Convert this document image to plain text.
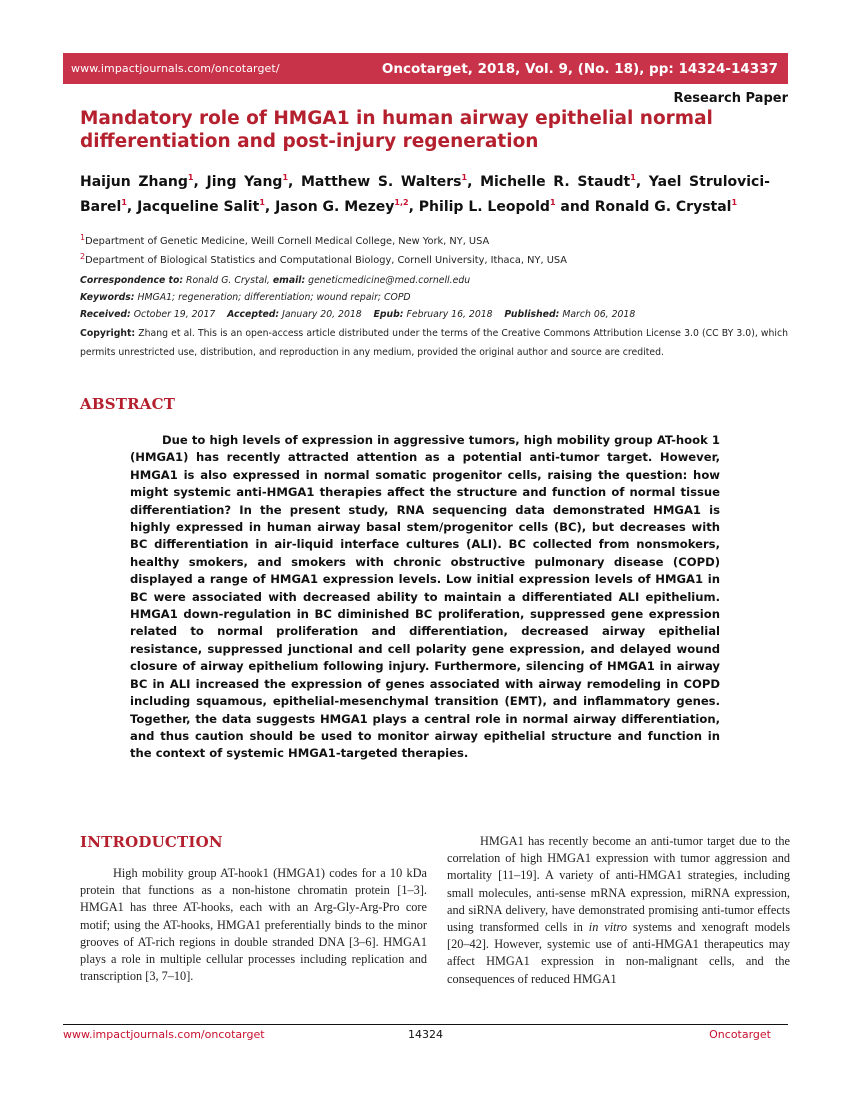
www.impactjournals.com/oncotarget/	Oncotarget, 2018, Vol. 9, (No. 18), pp: 14324-14337
Research Paper
Mandatory role of HMGA1 in human airway epithelial normal differentiation and post-injury regeneration
Haijun Zhang$^1$, Jing Yang$^1$, Matthew S. Walters$^1$, Michelle R. Staudt$^1$, Yael Strulovici-Barel$^1$, Jacqueline Salit$^1$, Jason G. Mezey$^{1,2}$, Philip L. Leopold$^1$ and Ronald G. Crystal$^1$
$^1$Department of Genetic Medicine, Weill Cornell Medical College, New York, NY, USA
$^2$Department of Biological Statistics and Computational Biology, Cornell University, Ithaca, NY, USA
Correspondence to: Ronald G. Crystal, email: geneticmedicine@med.cornell.edu
Keywords: HMGA1; regeneration; differentiation; wound repair; COPD
Received: October 19, 2017 Accepted: January 20, 2018 Epub: February 16, 2018 Published: March 06, 2018
Copyright: Zhang et al. This is an open-access article distributed under the terms of the Creative Commons Attribution License 3.0 (CC BY 3.0), which permits unrestricted use, distribution, and reproduction in any medium, provided the original author and source are credited.
ABSTRACT
Due to high levels of expression in aggressive tumors, high mobility group AT-hook 1 (HMGA1) has recently attracted attention as a potential anti-tumor target. However, HMGA1 is also expressed in normal somatic progenitor cells, raising the question: how might systemic anti-HMGA1 therapies affect the structure and function of normal tissue differentiation? In the present study, RNA sequencing data demonstrated HMGA1 is highly expressed in human airway basal stem/progenitor cells (BC), but decreases with BC differentiation in air-liquid interface cultures (ALI). BC collected from nonsmokers, healthy smokers, and smokers with chronic obstructive pulmonary disease (COPD) displayed a range of HMGA1 expression levels. Low initial expression levels of HMGA1 in BC were associated with decreased ability to maintain a differentiated ALI epithelium. HMGA1 down-regulation in BC diminished BC proliferation, suppressed gene expression related to normal proliferation and differentiation, decreased airway epithelial resistance, suppressed junctional and cell polarity gene expression, and delayed wound closure of airway epithelium following injury. Furthermore, silencing of HMGA1 in airway BC in ALI increased the expression of genes associated with airway remodeling in COPD including squamous, epithelial-mesenchymal transition (EMT), and inflammatory genes. Together, the data suggests HMGA1 plays a central role in normal airway differentiation, and thus caution should be used to monitor airway epithelial structure and function in the context of systemic HMGA1-targeted therapies.
INTRODUCTION
High mobility group AT-hook1 (HMGA1) codes for a 10 kDa protein that functions as a non-histone chromatin protein [1–3]. HMGA1 has three AT-hooks, each with an Arg-Gly-Arg-Pro core motif; using the AT-hooks, HMGA1 preferentially binds to the minor grooves of AT-rich regions in double stranded DNA [3–6]. HMGA1 plays a role in multiple cellular processes including replication and transcription [3, 7–10].
HMGA1 has recently become an anti-tumor target due to the correlation of high HMGA1 expression with tumor aggression and mortality [11–19]. A variety of anti-HMGA1 strategies, including small molecules, anti-sense mRNA expression, miRNA expression, and siRNA delivery, have demonstrated promising anti-tumor effects using transformed cells in in vitro systems and xenograft models [20–42]. However, systemic use of anti-HMGA1 therapeutics may affect HMGA1 expression in non-malignant cells, and the consequences of reduced HMGA1
www.impactjournals.com/oncotarget	14324	Oncotarget
